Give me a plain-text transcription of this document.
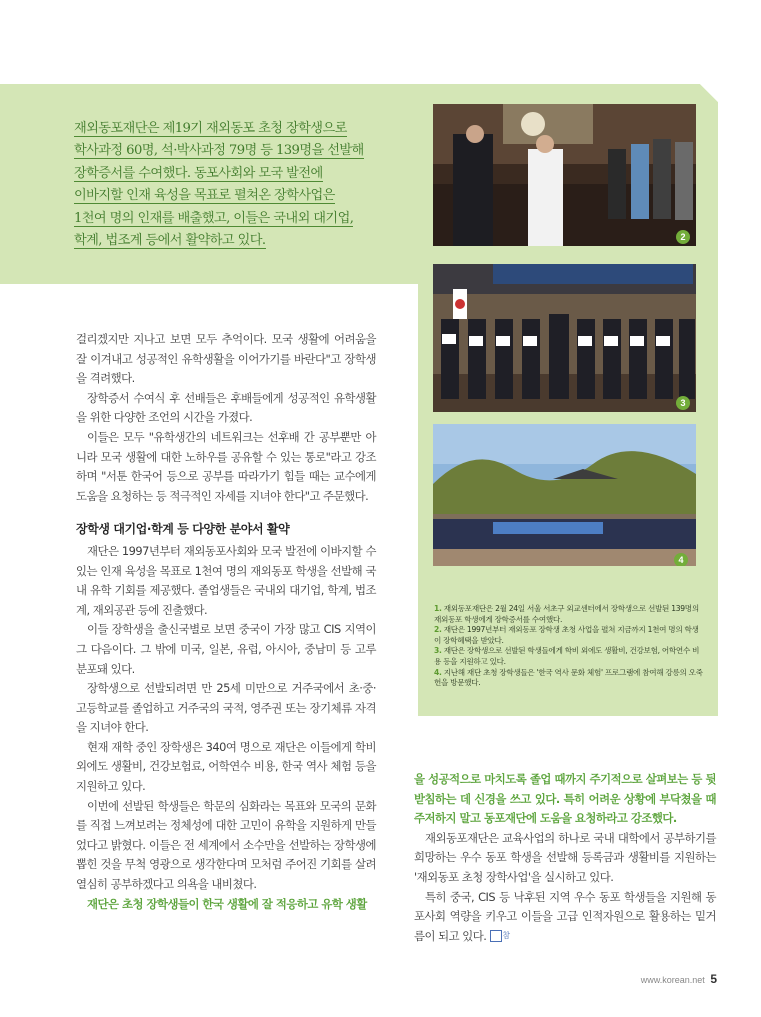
재외동포재단은 제19기 재외동포 초청 장학생으로
학사과정 60명, 석·박사과정 79명 등 139명을 선발해
장학증서를 수여했다. 동포사회와 모국 발전에
이바지할 인재 육성을 목표로 펼쳐온 장학사업은
1천여 명의 인재를 배출했고, 이들은 국내외 대기업,
학계, 법조계 등에서 활약하고 있다.	2
3
4

1. 재외동포재단은 2월 24일 서울 서초구 외교센터에서 장학생으로 선발된 139명의 재외동포 학생에게 장학증서를 수여했다.

2. 재단은 1997년부터 재외동포 장학생 초청 사업을 펼쳐 지금까지 1천여 명의 학생이 장학혜택을 받았다.

3. 재단은 장학생으로 선발된 학생들에게 학비 외에도 생활비, 건강보험, 어학연수 비용 등을 지원하고 있다.

4. 지난해 재단 초청 장학생들은 '한국 역사 문화 체험' 프로그램에 참여해 강릉의 오죽헌을 방문했다.

걸리겠지만 지나고 보면 모두 추억이다. 모국 생활에 어려움을 잘 이겨내고 성공적인 유학생활을 이어가기를 바란다"고 장학생을 격려했다.

장학증서 수여식 후 선배들은 후배들에게 성공적인 유학생활을 위한 다양한 조언의 시간을 가졌다.

이들은 모두 "유학생간의 네트워크는 선후배 간 공부뿐만 아니라 모국 생활에 대한 노하우를 공유할 수 있는 통로"라고 강조하며 "서툰 한국어 등으로 공부를 따라가기 힘들 때는 교수에게 도움을 요청하는 등 적극적인 자세를 지녀야 한다"고 주문했다.

장학생 대기업·학계 등 다양한 분야서 활약

재단은 1997년부터 재외동포사회와 모국 발전에 이바지할 수 있는 인재 육성을 목표로 1천여 명의 재외동포 학생을 선발해 국내 유학 기회를 제공했다. 졸업생들은 국내외 대기업, 학계, 법조계, 재외공관 등에 진출했다.

이들 장학생을 출신국별로 보면 중국이 가장 많고 CIS 지역이 그 다음이다. 그 밖에 미국, 일본, 유럽, 아시아, 중남미 등 고루 분포돼 있다.

장학생으로 선발되려면 만 25세 미만으로 거주국에서 초·중·고등학교를 졸업하고 거주국의 국적, 영주권 또는 장기체류 자격을 지녀야 한다.

현재 재학 중인 장학생은 340여 명으로 재단은 이들에게 학비 외에도 생활비, 건강보험료, 어학연수 비용, 한국 역사 체험 등을 지원하고 있다.

이번에 선발된 학생들은 학문의 심화라는 목표와 모국의 문화를 직접 느껴보려는 정체성에 대한 고민이 유학을 지원하게 만들었다고 밝혔다. 이들은 전 세계에서 소수만을 선발하는 장학생에 뽑힌 것을 무척 영광으로 생각한다며 모처럼 주어진 기회를 살려 열심히 공부하겠다고 의욕을 내비쳤다.

재단은 초청 장학생들이 한국 생활에 잘 적응하고 유학 생활

을 성공적으로 마치도록 졸업 때까지 주기적으로 살펴보는 등 뒷받침하는 데 신경을 쓰고 있다. 특히 어려운 상황에 부닥쳤을 때 주저하지 말고 동포재단에 도움을 요청하라고 강조했다.

재외동포재단은 교육사업의 하나로 국내 대학에서 공부하기를 희망하는 우수 동포 학생을 선발해 등록금과 생활비를 지원하는 '재외동포 초청 장학사업'을 실시하고 있다.

특히 중국, CIS 등 낙후된 지역 우수 동포 학생들을 지원해 동포사회 역량을 키우고 이들을 고급 인적자원으로 활용하는 밑거름이 되고 있다. 참

www.korean.net 5
